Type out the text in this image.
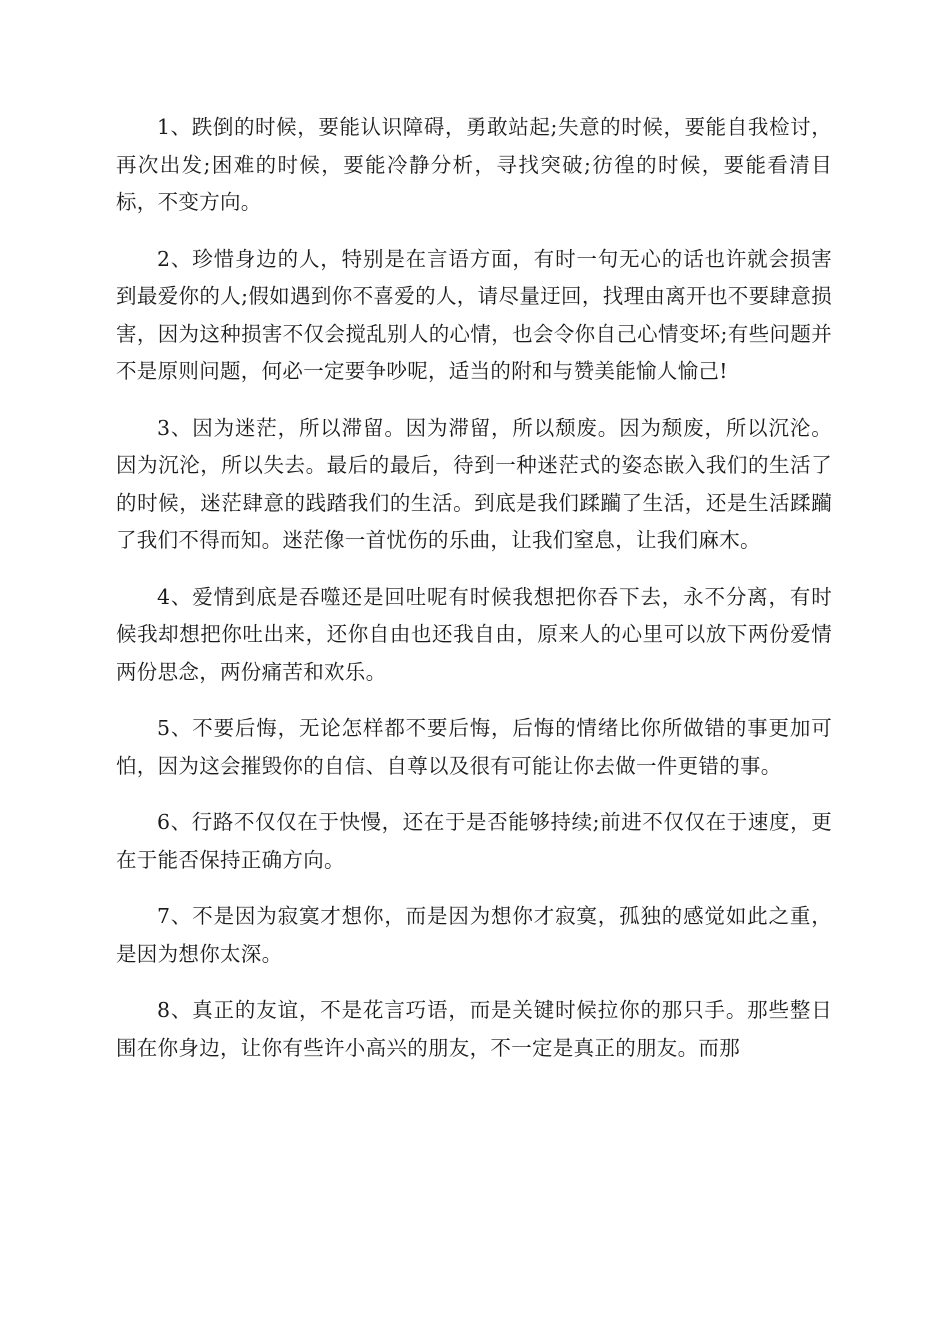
1、跌倒的时候，要能认识障碍，勇敢站起;失意的时候，要能自我检讨，再次出发;困难的时候，要能冷静分析，寻找突破;彷徨的时候，要能看清目标，不变方向。

2、珍惜身边的人，特别是在言语方面，有时一句无心的话也许就会损害到最爱你的人;假如遇到你不喜爱的人，请尽量迂回，找理由离开也不要肆意损害，因为这种损害不仅会搅乱别人的心情，也会令你自己心情变坏;有些问题并不是原则问题，何必一定要争吵呢，适当的附和与赞美能愉人愉己!

3、因为迷茫，所以滞留。因为滞留，所以颓废。因为颓废，所以沉沦。因为沉沦，所以失去。最后的最后，待到一种迷茫式的姿态嵌入我们的生活了的时候，迷茫肆意的践踏我们的生活。到底是我们蹂躏了生活，还是生活蹂躏了我们不得而知。迷茫像一首忧伤的乐曲，让我们窒息，让我们麻木。

4、爱情到底是吞噬还是回吐呢有时候我想把你吞下去，永不分离，有时候我却想把你吐出来，还你自由也还我自由，原来人的心里可以放下两份爱情两份思念，两份痛苦和欢乐。

5、不要后悔，无论怎样都不要后悔，后悔的情绪比你所做错的事更加可怕，因为这会摧毁你的自信、自尊以及很有可能让你去做一件更错的事。

6、行路不仅仅在于快慢，还在于是否能够持续;前进不仅仅在于速度，更在于能否保持正确方向。

7、不是因为寂寞才想你，而是因为想你才寂寞，孤独的感觉如此之重，是因为想你太深。

8、真正的友谊，不是花言巧语，而是关键时候拉你的那只手。那些整日围在你身边，让你有些许小高兴的朋友，不一定是真正的朋友。而那
